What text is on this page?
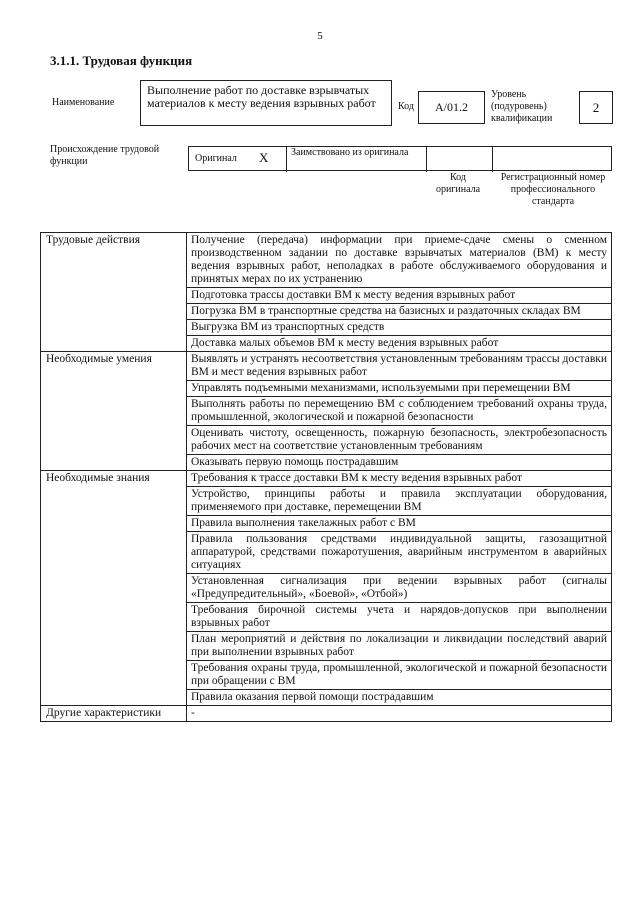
5
3.1.1. Трудовая функция
Наименование
Выполнение работ по доставке взрывчатых материалов к месту ведения взрывных работ	Код	A/01.2
Уровень (подуровень) квалификации
2
Происхождение трудовой функции	Оригинал X Заимствовано из оригинала
Код оригинала
Регистрационный номер профессионального стандарта
Трудовые действия	Получение (передача) информации при приеме-сдаче смены о сменном производственном задании по доставке взрывчатых материалов (ВМ) к месту ведения взрывных работ, неполадках в работе обслуживаемого оборудования и принятых мерах по их устранению
	Подготовка трассы доставки ВМ к месту ведения взрывных работ
	Погрузка ВМ в транспортные средства на базисных и раздаточных складах ВМ
	Выгрузка ВМ из транспортных средств
	Доставка малых объемов ВМ к месту ведения взрывных работ
Необходимые умения	Выявлять и устранять несоответствия установленным требованиям трассы доставки ВМ и мест ведения взрывных работ
	Управлять подъемными механизмами, используемыми при перемещении ВМ
	Выполнять работы по перемещению ВМ с соблюдением требований охраны труда, промышленной, экологической и пожарной безопасности
	Оценивать чистоту, освещенность, пожарную безопасность, электробезопасность рабочих мест на соответствие установленным требованиям
	Оказывать первую помощь пострадавшим
Необходимые знания	Требования к трассе доставки ВМ к месту ведения взрывных работ
	Устройство, принципы работы и правила эксплуатации оборудования, применяемого при доставке, перемещении ВМ
	Правила выполнения такелажных работ с ВМ
	Правила пользования средствами индивидуальной защиты, газозащитной аппаратурой, средствами пожаротушения, аварийным инструментом в аварийных ситуациях
	Установленная сигнализация при ведении взрывных работ (сигналы «Предупредительный», «Боевой», «Отбой»)
	Требования бирочной системы учета и нарядов-допусков при выполнении взрывных работ
	План мероприятий и действия по локализации и ликвидации последствий аварий при выполнении взрывных работ
	Требования охраны труда, промышленной, экологической и пожарной безопасности при обращении с ВМ
	Правила оказания первой помощи пострадавшим
Другие характеристики	-
